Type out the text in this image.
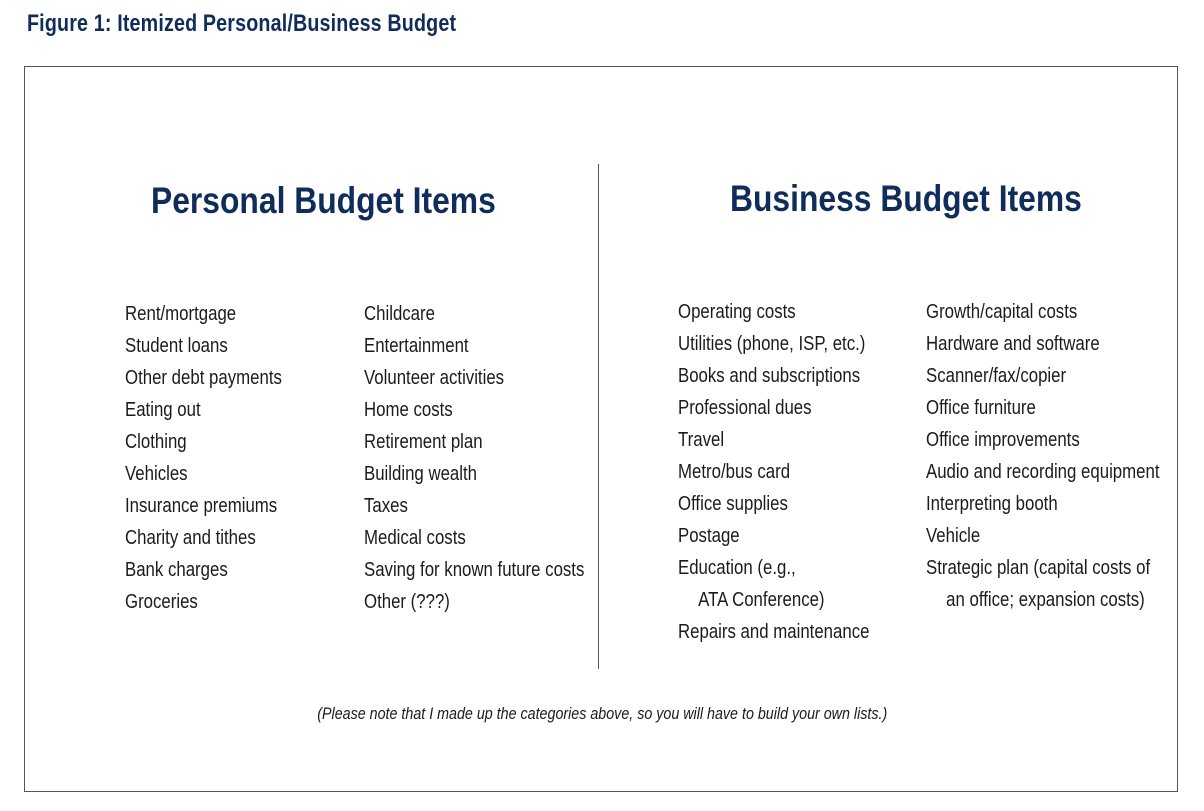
Figure 1: Itemized Personal/Business Budget
Personal Budget Items	Business Budget Items
Rent/mortgage
Student loans
Other debt payments
Eating out
Clothing
Vehicles
Insurance premiums
Charity and tithes
Bank charges
Groceries
Childcare
Entertainment
Volunteer activities
Home costs
Retirement plan
Building wealth
Taxes
Medical costs
Saving for known future costs
Other (???)
Operating costs
Utilities (phone, ISP, etc.)
Books and subscriptions
Professional dues
Travel
Metro/bus card
Office supplies
Postage
Education (e.g.,
ATA Conference)
Repairs and maintenance
Growth/capital costs
Hardware and software
Scanner/fax/copier
Office furniture
Office improvements
Audio and recording equipment
Interpreting booth
Vehicle
Strategic plan (capital costs of
an office; expansion costs)
(Please note that I made up the categories above, so you will have to build your own lists.)
